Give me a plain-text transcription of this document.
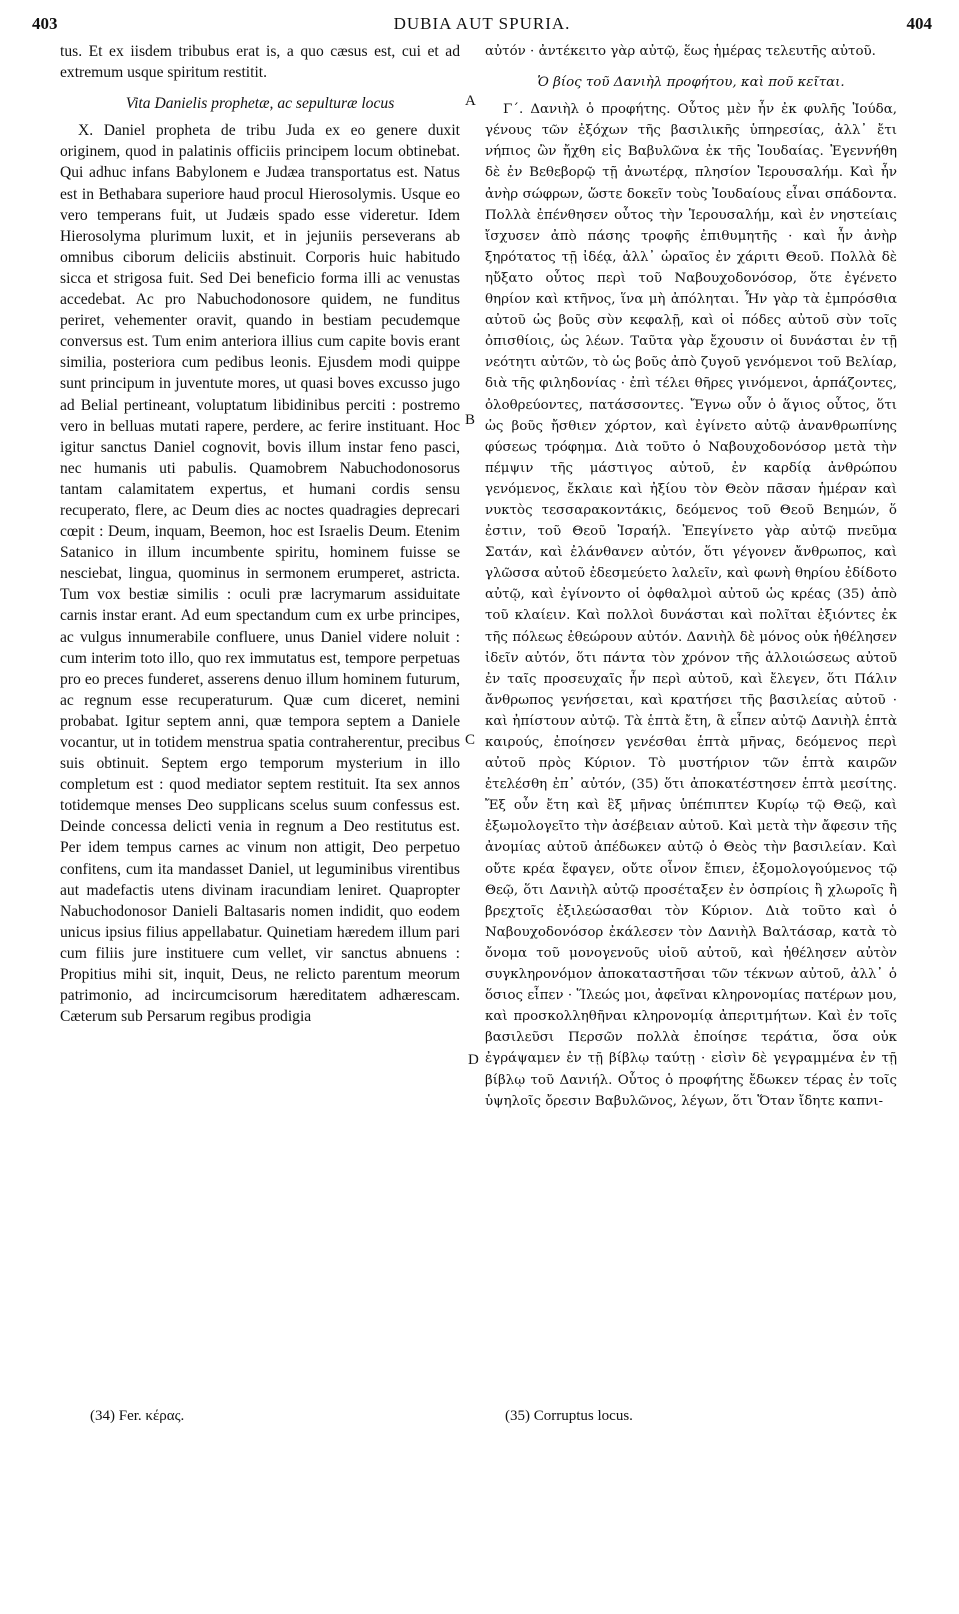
403	DUBIA AUT SPURIA.	404

tus. Et ex iisdem tribubus erat is, a quo cæsus est, cui et ad extremum usque spiritum restitit.

Vita Danielis prophetæ, ac sepulturæ locus

X. Daniel propheta de tribu Juda ex eo genere duxit originem, quod in palatinis officiis principem locum obtinebat. Qui adhuc infans Babylonem e Judæa transportatus est. Natus est in Bethabara superiore haud procul Hierosolymis. Usque eo vero temperans fuit, ut Judæis spado esse videretur. Idem Hierosolyma plurimum luxit, et in jejuniis perseverans ab omnibus ciborum deliciis abstinuit. Corporis huic habitudo sicca et strigosa fuit. Sed Dei beneficio forma illi ac venustas accedebat. Ac pro Nabuchodonosore quidem, ne funditus periret, vehementer oravit, quando in bestiam pecudemque conversus est. Tum enim anteriora illius cum capite bovis erant similia, posteriora cum pedibus leonis. Ejusdem modi quippe sunt principum in juventute mores, ut quasi boves excusso jugo ad Belial pertineant, voluptatum libidinibus perciti : postremo vero in belluas mutati rapere, perdere, ac ferire instituant. Hoc igitur sanctus Daniel cognovit, bovis illum instar feno pasci, nec humanis uti pabulis. Quamobrem Nabuchodonosorus tantam calamitatem expertus, et humani cordis sensu recuperato, flere, ac Deum dies ac noctes quadragies deprecari cœpit : Deum, inquam, Beemon, hoc est Israelis Deum. Etenim Satanico in illum incumbente spiritu, hominem fuisse se nesciebat, lingua, quominus in sermonem erumperet, astricta. Tum vox bestiæ similis : oculi præ lacrymarum assiduitate carnis instar erant. Ad eum spectandum cum ex urbe principes, ac vulgus innumerabile confluere, unus Daniel videre noluit : cum interim toto illo, quo rex immutatus est, tempore perpetuas pro eo preces funderet, asserens denuo illum hominem futurum, ac regnum esse recuperaturum. Quæ cum diceret, nemini probabat. Igitur septem anni, quæ tempora septem a Daniele vocantur, ut in totidem menstrua spatia contraherentur, precibus suis obtinuit. Septem ergo temporum mysterium in illo completum est : quod mediator septem restituit. Ita sex annos totidemque menses Deo supplicans scelus suum confessus est. Deinde concessa delicti venia in regnum a Deo restitutus est. Per idem tempus carnes ac vinum non attigit, Deo perpetuo confitens, cum ita mandasset Daniel, ut leguminibus virentibus aut madefactis utens divinam iracundiam leniret. Quapropter Nabuchodonosor Danieli Baltasaris nomen indidit, quo eodem unicus ipsius filius appellabatur. Quinetiam hæredem illum pari cum filiis jure instituere cum vellet, vir sanctus abnuens : Propitius mihi sit, inquit, Deus, ne relicto parentum meorum patrimonio, ad incircumcisorum hæreditatem adhærescam. Cæterum sub Persarum regibus prodigia

αὐτόν · ἀντέκειτο γὰρ αὐτῷ, ἕως ἡμέρας τελευτῆς αὐτοῦ.

Ὁ βίος τοῦ Δανιὴλ προφήτου, καὶ ποῦ κεῖται.

Γ΄. Δανιὴλ ὁ προφήτης. Οὗτος μὲν ἦν ἐκ φυλῆς Ἰούδα, γένους τῶν ἐξόχων τῆς βασιλικῆς ὑπηρεσίας, ἀλλ᾽ ἔτι νήπιος ὢν ἤχθη εἰς Βαβυλῶνα ἐκ τῆς Ἰουδαίας. Ἐγεννήθη δὲ ἐν Βεθεβορῷ τῇ ἀνωτέρᾳ, πλησίον Ἱερουσαλήμ. Καὶ ἦν ἀνὴρ σώφρων, ὥστε δοκεῖν τοὺς Ἰουδαίους εἶναι σπάδοντα. Πολλὰ ἐπένθησεν οὗτος τὴν Ἱερουσαλήμ, καὶ ἐν νηστείαις ἴσχυσεν ἀπὸ πάσης τροφῆς ἐπιθυμητῆς · καὶ ἦν ἀνὴρ ξηρότατος τῇ ἰδέᾳ, ἀλλ᾽ ὡραῖος ἐν χάριτι Θεοῦ. Πολλὰ δὲ ηὔξατο οὗτος περὶ τοῦ Ναβουχοδονόσορ, ὅτε ἐγένετο θηρίον καὶ κτῆνος, ἵνα μὴ ἀπόληται. Ἦν γὰρ τὰ ἐμπρόσθια αὐτοῦ ὡς βοῦς σὺν κεφαλῇ, καὶ οἱ πόδες αὐτοῦ σὺν τοῖς ὀπισθίοις, ὡς λέων. Ταῦτα γὰρ ἔχουσιν οἱ δυνάσται ἐν τῇ νεότητι αὐτῶν, τὸ ὡς βοῦς ἀπὸ ζυγοῦ γενόμενοι τοῦ Βελίαρ, διὰ τῆς φιληδονίας · ἐπὶ τέλει θῆρες γινόμενοι, ἁρπάζοντες, ὀλοθρεύοντες, πατάσσοντες. Ἔγνω οὖν ὁ ἅγιος οὗτος, ὅτι ὡς βοῦς ἤσθιεν χόρτον, καὶ ἐγίνετο αὐτῷ ἀνανθρωπίνης φύσεως τρόφημα. Διὰ τοῦτο ὁ Ναβουχοδονόσορ μετὰ τὴν πέμψιν τῆς μάστιγος αὐτοῦ, ἐν καρδίᾳ ἀνθρώπου γενόμενος, ἔκλαιε καὶ ἠξίου τὸν Θεὸν πᾶσαν ἡμέραν καὶ νυκτὸς τεσσαρακοντάκις, δεόμενος τοῦ Θεοῦ Βεημών, ὅ ἐστιν, τοῦ Θεοῦ Ἰσραήλ. Ἐπεγίνετο γὰρ αὐτῷ πνεῦμα Σατάν, καὶ ἐλάνθανεν αὐτόν, ὅτι γέγονεν ἄνθρωπος, καὶ γλῶσσα αὐτοῦ ἐδεσμεύετο λαλεῖν, καὶ φωνὴ θηρίου ἐδίδοτο αὐτῷ, καὶ ἐγίνοντο οἱ ὀφθαλμοὶ αὐτοῦ ὡς κρέας (35) ἀπὸ τοῦ κλαίειν. Καὶ πολλοὶ δυνάσται καὶ πολῖται ἐξιόντες ἐκ τῆς πόλεως ἐθεώρουν αὐτόν. Δανιὴλ δὲ μόνος οὐκ ἠθέλησεν ἰδεῖν αὐτόν, ὅτι πάντα τὸν χρόνον τῆς ἀλλοιώσεως αὐτοῦ ἐν ταῖς προσευχαῖς ἦν περὶ αὐτοῦ, καὶ ἔλεγεν, ὅτι Πάλιν ἄνθρωπος γενήσεται, καὶ κρατήσει τῆς βασιλείας αὐτοῦ · καὶ ἠπίστουν αὐτῷ. Τὰ ἑπτὰ ἔτη, ἃ εἶπεν αὐτῷ Δανιὴλ ἑπτὰ καιρούς, ἐποίησεν γενέσθαι ἑπτὰ μῆνας, δεόμενος περὶ αὐτοῦ πρὸς Κύριον. Τὸ μυστήριον τῶν ἑπτὰ καιρῶν ἐτελέσθη ἐπ᾽ αὐτόν, (35) ὅτι ἀποκατέστησεν ἑπτὰ μεσίτης. Ἔξ οὖν ἔτη καὶ ἓξ μῆνας ὑπέπιπτεν Κυρίῳ τῷ Θεῷ, καὶ ἐξωμολογεῖτο τὴν ἀσέβειαν αὐτοῦ. Καὶ μετὰ τὴν ἄφεσιν τῆς ἀνομίας αὐτοῦ ἀπέδωκεν αὐτῷ ὁ Θεὸς τὴν βασιλείαν. Καὶ οὔτε κρέα ἔφαγεν, οὔτε οἶνον ἔπιεν, ἐξομολογούμενος τῷ Θεῷ, ὅτι Δανιὴλ αὐτῷ προσέταξεν ἐν ὀσπρίοις ἢ χλωροῖς ἢ βρεχτοῖς ἐξιλεώσασθαι τὸν Κύριον. Διὰ τοῦτο καὶ ὁ Ναβουχοδονόσορ ἐκάλεσεν τὸν Δανιὴλ Βαλτάσαρ, κατὰ τὸ ὄνομα τοῦ μονογενοῦς υἱοῦ αὐτοῦ, καὶ ἠθέλησεν αὐτὸν συγκληρονόμον ἀποκαταστῆσαι τῶν τέκνων αὐτοῦ, ἀλλ᾽ ὁ ὅσιος εἶπεν · Ἵλεώς μοι, ἀφεῖναι κληρονομίας πατέρων μου, καὶ προσκολληθῆναι κληρονομίᾳ ἀπεριτμήτων. Καὶ ἐν τοῖς βασιλεῦσι Περσῶν πολλὰ ἐποίησε τεράτια, ὅσα οὐκ ἐγράψαμεν ἐν τῇ βίβλῳ ταύτῃ · εἰσὶν δὲ γεγραμμένα ἐν τῇ βίβλῳ τοῦ Δανιήλ. Οὗτος ὁ προφήτης ἔδωκεν τέρας ἐν τοῖς ὑψηλοῖς ὄρεσιν Βαβυλῶνος, λέγων, ὅτι Ὅταν ἴδητε καπνι-

A
B
C
D
(34) Fer. κέρας.	(35) Corruptus locus.
